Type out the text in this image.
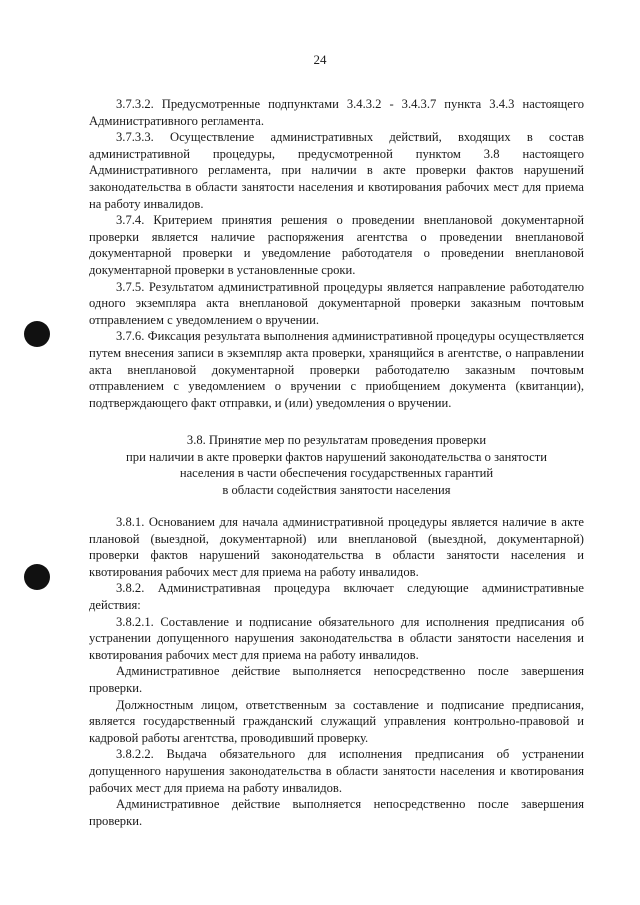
24

3.7.3.2. Предусмотренные подпунктами 3.4.3.2 - 3.4.3.7 пункта 3.4.3 настоящего Административного регламента.

3.7.3.3. Осуществление административных действий, входящих в состав административной процедуры, предусмотренной пунктом 3.8 настоящего Административного регламента, при наличии в акте проверки фактов нарушений законодательства в области занятости населения и квотирования рабочих мест для приема на работу инвалидов.

3.7.4. Критерием принятия решения о проведении внеплановой документарной проверки является наличие распоряжения агентства о проведении внеплановой документарной проверки и уведомление работодателя о проведении внеплановой документарной проверки в установленные сроки.

3.7.5. Результатом административной процедуры является направление работодателю одного экземпляра акта внеплановой документарной проверки заказным почтовым отправлением с уведомлением о вручении.

3.7.6. Фиксация результата выполнения административной процедуры осуществляется путем внесения записи в экземпляр акта проверки, хранящийся в агентстве, о направлении акта внеплановой документарной проверки работодателю заказным почтовым отправлением с уведомлением о вручении с приобщением документа (квитанции), подтверждающего факт отправки, и (или) уведомления о вручении.

3.8. Принятие мер по результатам проведения проверки
при наличии в акте проверки фактов нарушений законодательства о занятости
населения в части обеспечения государственных гарантий
в области содействия занятости населения

3.8.1. Основанием для начала административной процедуры является наличие в акте плановой (выездной, документарной) или внеплановой (выездной, документарной) проверки фактов нарушений законодательства в области занятости населения и квотирования рабочих мест для приема на работу инвалидов.

3.8.2. Административная процедура включает следующие административные действия:

3.8.2.1. Составление и подписание обязательного для исполнения предписания об устранении допущенного нарушения законодательства в области занятости населения и квотирования рабочих мест для приема на работу инвалидов.

Административное действие выполняется непосредственно после завершения проверки.

Должностным лицом, ответственным за составление и подписание предписания, является государственный гражданский служащий управления контрольно-правовой и кадровой работы агентства, проводивший проверку.

3.8.2.2. Выдача обязательного для исполнения предписания об устранении допущенного нарушения законодательства в области занятости населения и квотирования рабочих мест для приема на работу инвалидов.

Административное действие выполняется непосредственно после завершения проверки.
